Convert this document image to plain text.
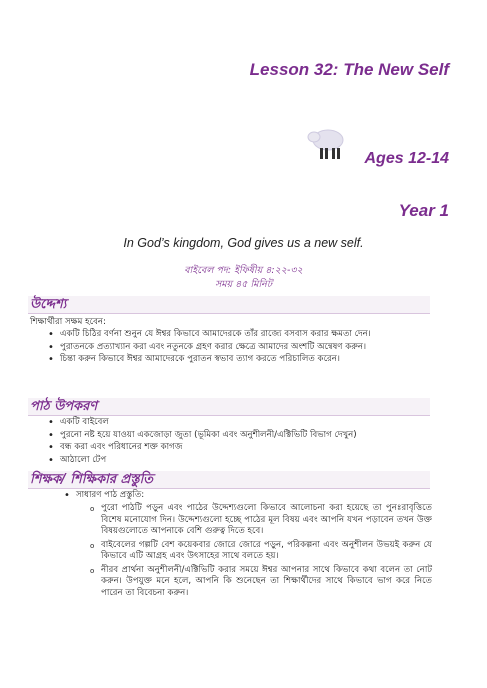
Lesson 32: The New Self
Ages 12-14
Year 1
In God’s kingdom, God gives us a new self.
বাইবেল পদ: ইফিষীয় ৪:২২-৩২
সময় ৪৫ মিনিট
উদ্দেশ্য
শিক্ষার্থীরা সক্ষম হবেন:
• একটি চিঠির বর্ণনা শুনুন যে ঈশ্বর কিভাবে আমাদেরকে তাঁর রাজ্যে বসবাস করার ক্ষমতা দেন।
• পুরাতনকে প্রত্যাখ্যান করা এবং নতুনকে গ্রহণ করার ক্ষেত্রে আমাদের অংশটি অন্বেষণ করুন।
• চিন্তা করুন কিভাবে ঈশ্বর আমাদেরকে পুরাতন স্বভাব ত্যাগ করতে পরিচালিত করেন।
পাঠ উপকরণ
• একটি বাইবেল
• পুরনো নষ্ট হয়ে যাওয়া একজোড়া জুতা (ভূমিকা এবং অনুশীলনী/এক্টিভিটি বিভাগ দেখুন)
• বন্ধ করা এবং পরিধানের শক্ত কাগজ
• আঠালো টেপ
শিক্ষক/ শিক্ষিকার প্রস্তুতি
• সাধারণ পাঠ প্রস্তুতি:
o পুরো পাঠটি পড়ুন এবং পাঠের উদ্দেশ্যগুলো কিভাবে আলোচনা করা হয়েছে তা পুনঃরাবৃত্তিতে বিশেষ মনোযোগ দিন। উদ্দেশ্যগুলো হচ্ছে পাঠের মূল বিষয় এবং আপনি যখন পড়াবেন তখন উক্ত বিষয়গুলোতে আপনাকে বেশি গুরুত্ব দিতে হবে।
o বাইবেলের গল্পটি বেশ কয়েকবার জোরে জোরে পড়ুন, পরিকল্পনা এবং অনুশীলন উভয়ই করুন যে কিভাবে এটি আগ্রহ এবং উৎসাহের সাথে বলতে হয়।
o নীরব প্রার্থনা অনুশীলনী/এক্টিভিটি করার সময়ে ঈশ্বর আপনার সাথে কিভাবে কথা বলেন তা নোট করুন। উপযুক্ত মনে হলে, আপনি কি শুনেছেন তা শিক্ষার্থীদের সাথে কিভাবে ভাগ করে নিতে পারেন তা বিবেচনা করুন।
